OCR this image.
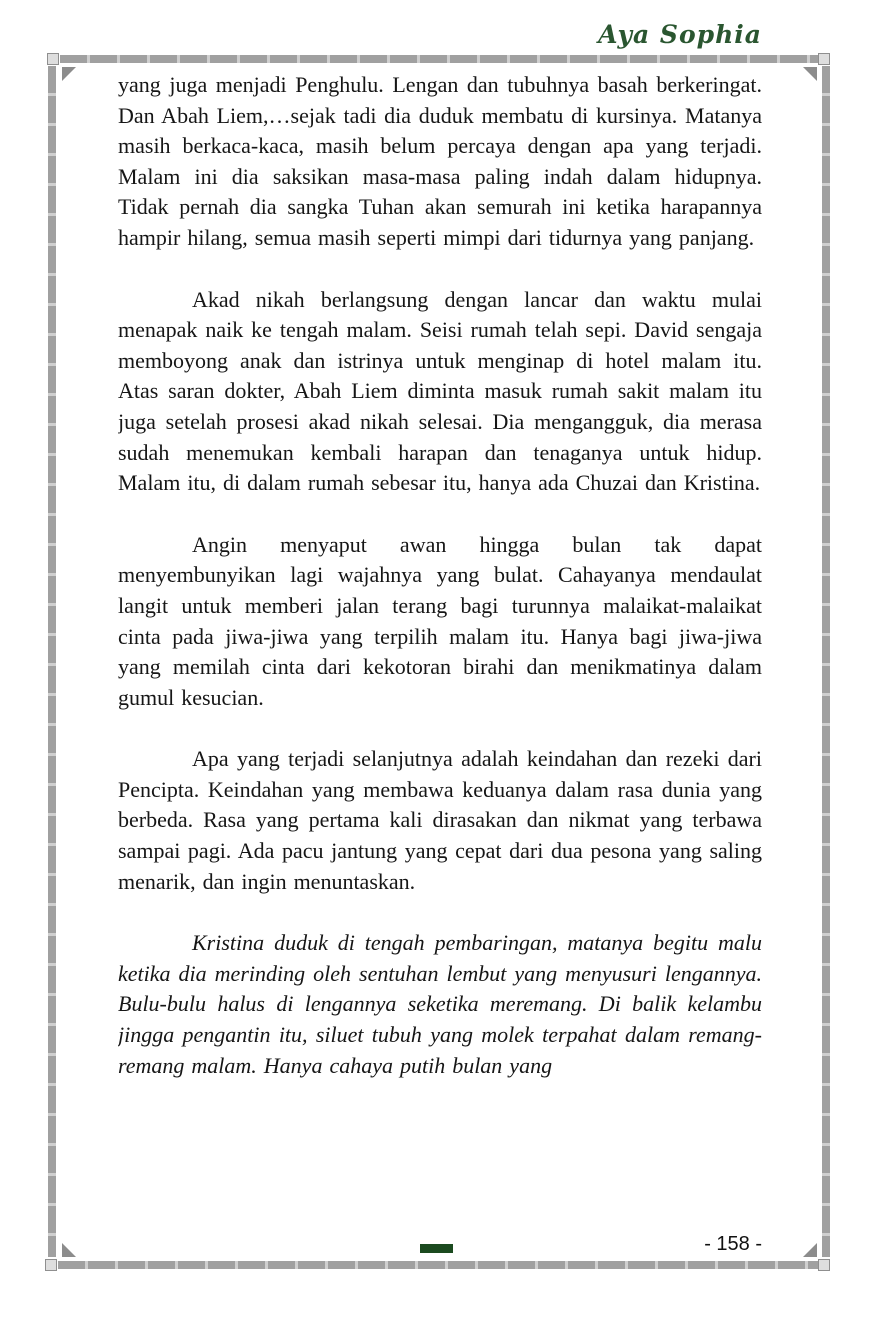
Aya Sophia

yang juga menjadi Penghulu. Lengan dan tubuhnya basah berkeringat. Dan Abah Liem,…sejak tadi dia duduk membatu di kursinya. Matanya masih berkaca-kaca, masih belum percaya dengan apa yang terjadi. Malam ini dia saksikan masa-masa paling indah dalam hidupnya. Tidak pernah dia sangka Tuhan akan semurah ini ketika harapannya hampir hilang, semua masih seperti mimpi dari tidurnya yang panjang.

Akad nikah berlangsung dengan lancar dan waktu mulai menapak naik ke tengah malam. Seisi rumah telah sepi. David sengaja memboyong anak dan istrinya untuk menginap di hotel malam itu. Atas saran dokter, Abah Liem diminta masuk rumah sakit malam itu juga setelah prosesi akad nikah selesai. Dia mengangguk, dia merasa sudah menemukan kembali harapan dan tenaganya untuk hidup. Malam itu, di dalam rumah sebesar itu, hanya ada Chuzai dan Kristina.

Angin menyaput awan hingga bulan tak dapat menyembunyikan lagi wajahnya yang bulat. Cahayanya mendaulat langit untuk memberi jalan terang bagi turunnya malaikat-malaikat cinta pada jiwa-jiwa yang terpilih malam itu. Hanya bagi jiwa-jiwa yang memilah cinta dari kekotoran birahi dan menikmatinya dalam gumul kesucian.

Apa yang terjadi selanjutnya adalah keindahan dan rezeki dari Pencipta. Keindahan yang membawa keduanya dalam rasa dunia yang berbeda. Rasa yang pertama kali dirasakan dan nikmat yang terbawa sampai pagi. Ada pacu jantung yang cepat dari dua pesona yang saling menarik, dan ingin menuntaskan.

Kristina duduk di tengah pembaringan, matanya begitu malu ketika dia merinding oleh sentuhan lembut yang menyusuri lengannya. Bulu-bulu halus di lengannya seketika meremang. Di balik kelambu jingga pengantin itu, siluet tubuh yang molek terpahat dalam remang-remang malam. Hanya cahaya putih bulan yang

- 158 -
